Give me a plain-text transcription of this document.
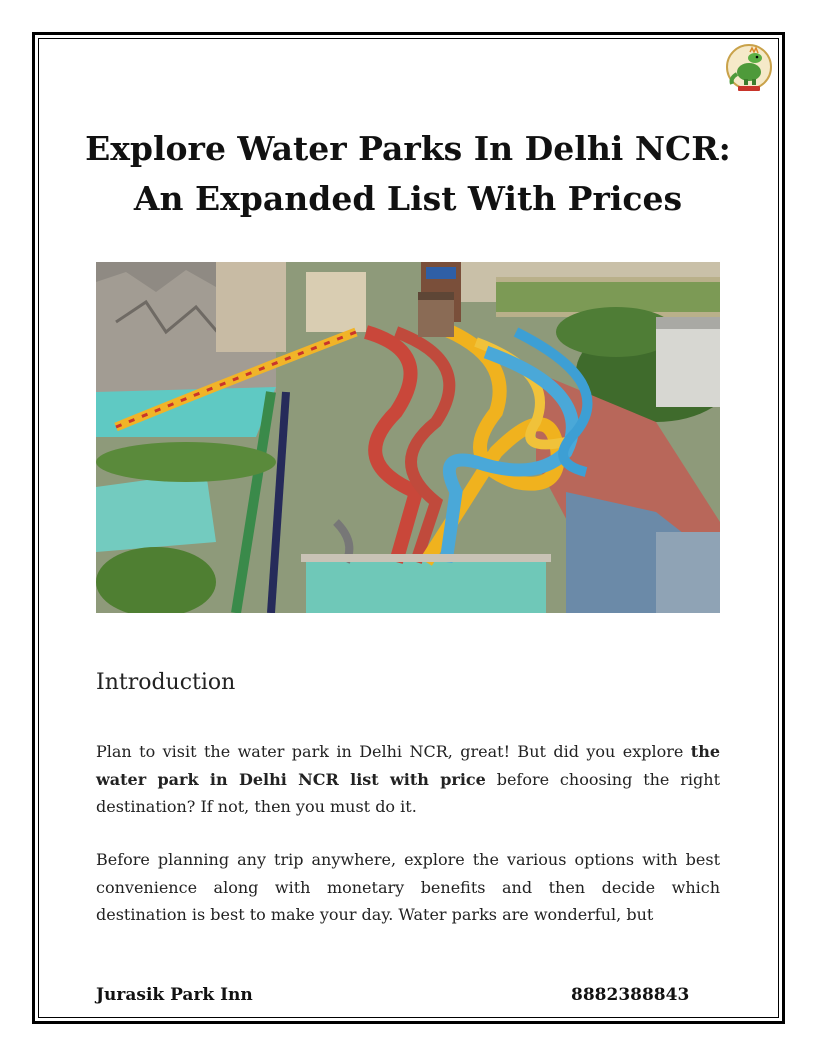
Explore Water Parks In Delhi NCR:
An Expanded List With Prices
Introduction

Plan to visit the water park in Delhi NCR, great! But did you explore the water park in Delhi NCR list with price before choosing the right destination? If not, then you must do it.

Before planning any trip anywhere, explore the various options with best convenience along with monetary benefits and then decide which destination is best to make your day. Water parks are wonderful, but

Jurasik Park Inn	8882388843
